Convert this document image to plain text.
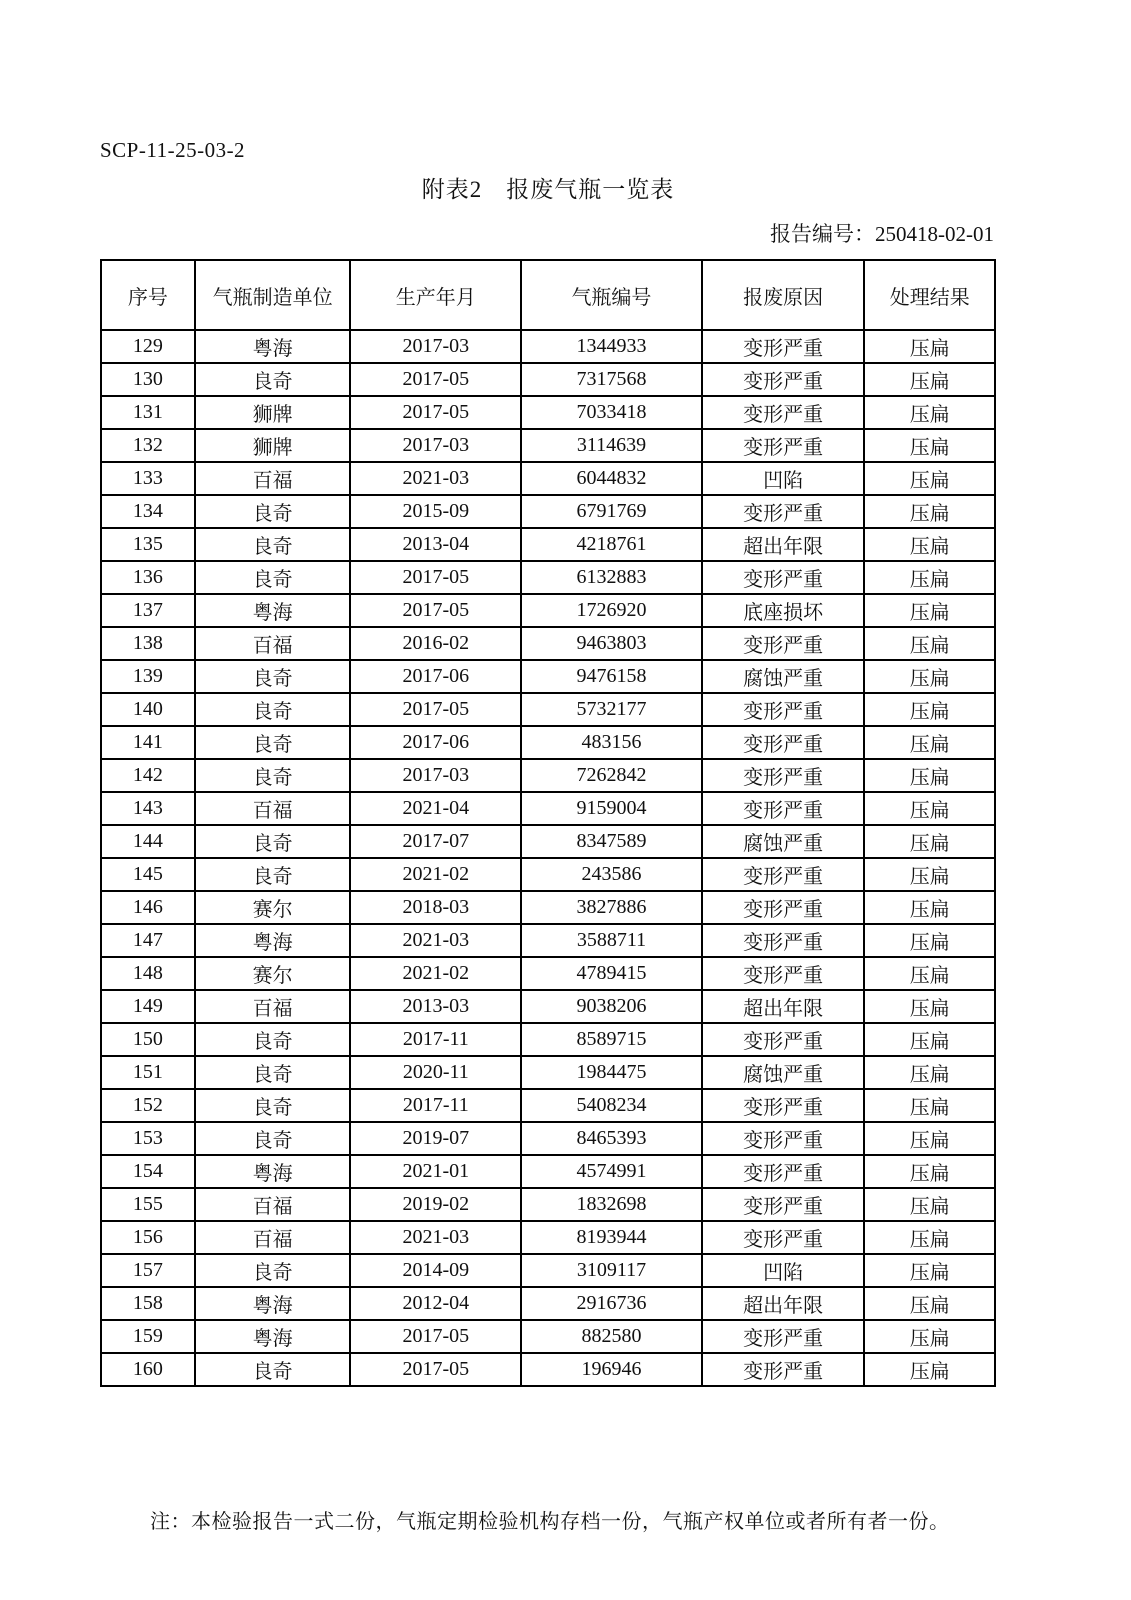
SCP-11-25-03-2
附表2　报废气瓶一览表
报告编号：250418-02-01
序号	气瓶制造单位	生产年月	气瓶编号	报废原因	处理结果
129	粤海	2017-03	1344933	变形严重	压扁
130	良奇	2017-05	7317568	变形严重	压扁
131	狮牌	2017-05	7033418	变形严重	压扁
132	狮牌	2017-03	3114639	变形严重	压扁
133	百福	2021-03	6044832	凹陷	压扁
134	良奇	2015-09	6791769	变形严重	压扁
135	良奇	2013-04	4218761	超出年限	压扁
136	良奇	2017-05	6132883	变形严重	压扁
137	粤海	2017-05	1726920	底座损坏	压扁
138	百福	2016-02	9463803	变形严重	压扁
139	良奇	2017-06	9476158	腐蚀严重	压扁
140	良奇	2017-05	5732177	变形严重	压扁
141	良奇	2017-06	483156	变形严重	压扁
142	良奇	2017-03	7262842	变形严重	压扁
143	百福	2021-04	9159004	变形严重	压扁
144	良奇	2017-07	8347589	腐蚀严重	压扁
145	良奇	2021-02	243586	变形严重	压扁
146	赛尔	2018-03	3827886	变形严重	压扁
147	粤海	2021-03	3588711	变形严重	压扁
148	赛尔	2021-02	4789415	变形严重	压扁
149	百福	2013-03	9038206	超出年限	压扁
150	良奇	2017-11	8589715	变形严重	压扁
151	良奇	2020-11	1984475	腐蚀严重	压扁
152	良奇	2017-11	5408234	变形严重	压扁
153	良奇	2019-07	8465393	变形严重	压扁
154	粤海	2021-01	4574991	变形严重	压扁
155	百福	2019-02	1832698	变形严重	压扁
156	百福	2021-03	8193944	变形严重	压扁
157	良奇	2014-09	3109117	凹陷	压扁
158	粤海	2012-04	2916736	超出年限	压扁
159	粤海	2017-05	882580	变形严重	压扁
160	良奇	2017-05	196946	变形严重	压扁
注：本检验报告一式二份，气瓶定期检验机构存档一份，气瓶产权单位或者所有者一份。
